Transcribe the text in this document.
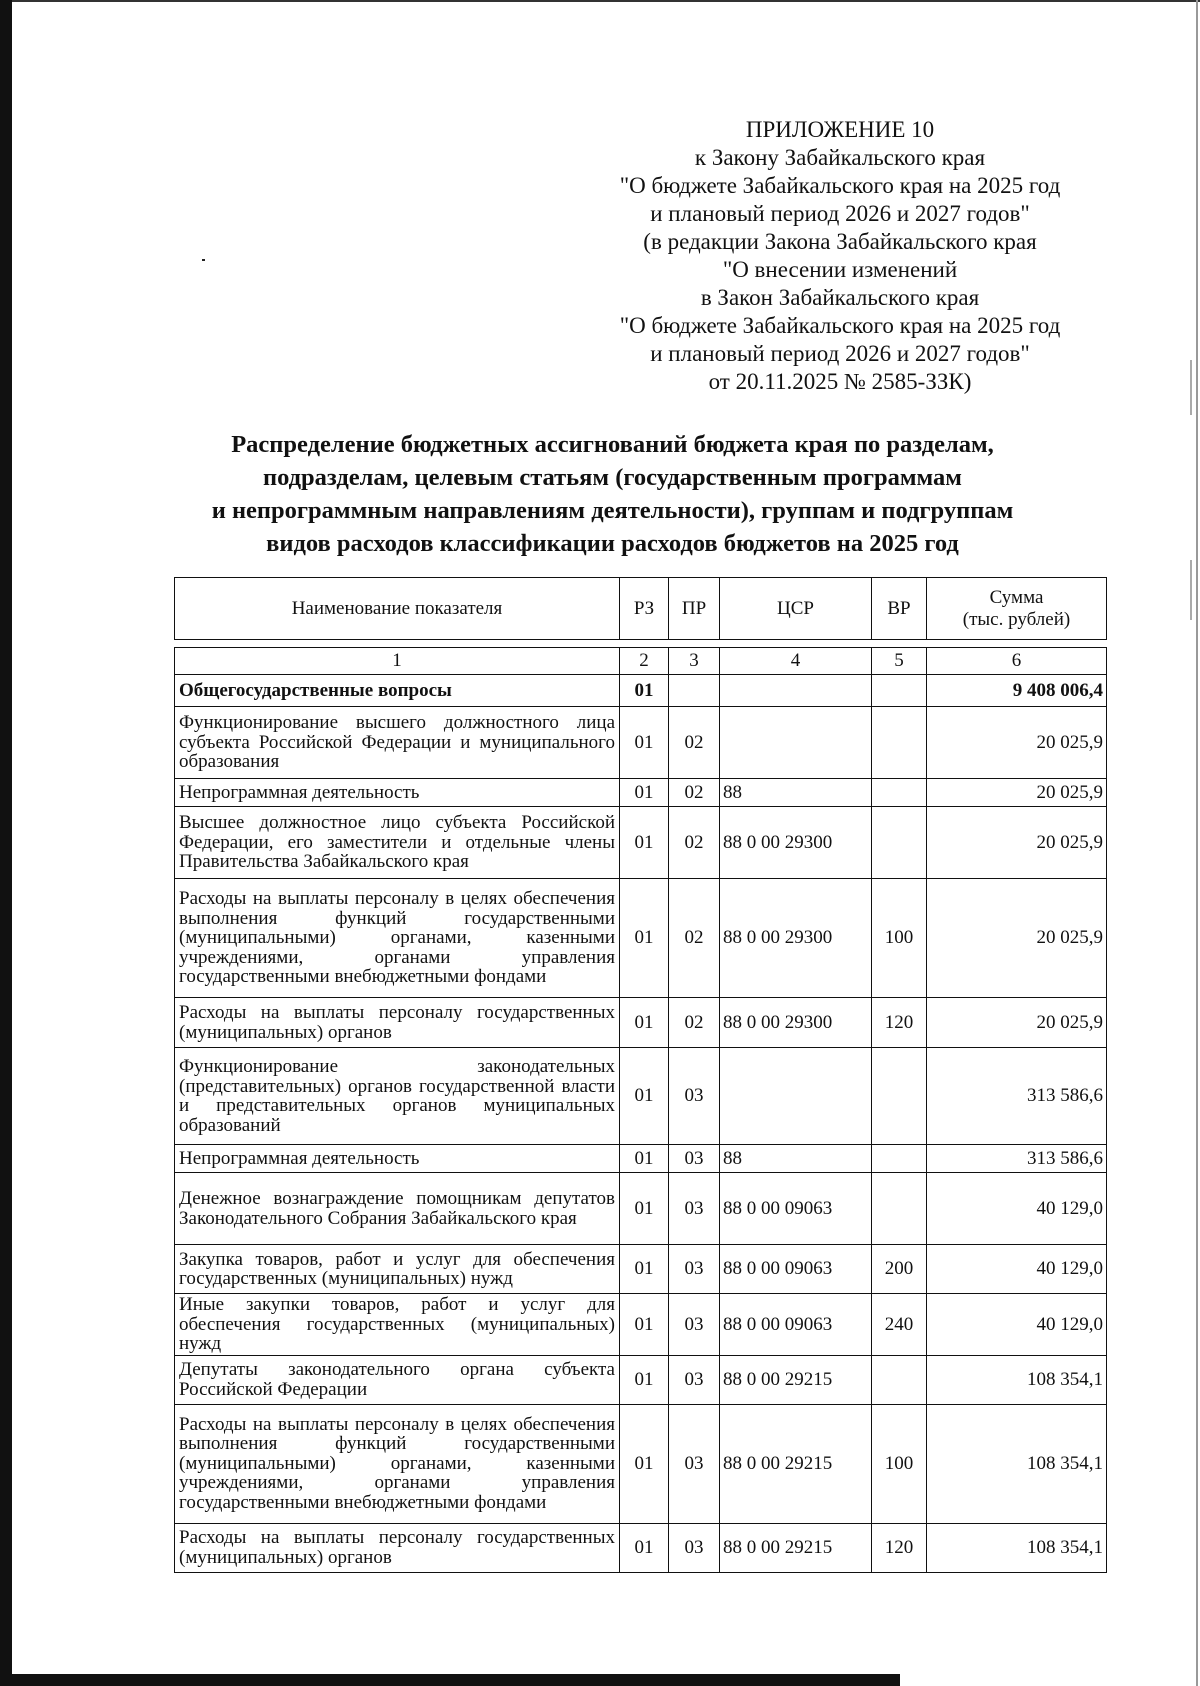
ПРИЛОЖЕНИЕ 10
к Закону Забайкальского края
"О бюджете Забайкальского края на 2025 год
и плановый период 2026 и 2027 годов"
(в редакции Закона Забайкальского края
"О внесении изменений
в Закон Забайкальского края
"О бюджете Забайкальского края на 2025 год
и плановый период 2026 и 2027 годов"
от 20.11.2025 № 2585-ЗЗК)
Распределение бюджетных ассигнований бюджета края по разделам,
подразделам, целевым статьям (государственным программам
и непрограммным направлениям деятельности), группам и подгруппам
видов расходов классификации расходов бюджетов на 2025 год
Наименование показателя	РЗ	ПР	ЦСР	ВР	Сумма
(тыс. рублей)
1	2	3	4	5	6
Общегосударственные вопросы	01				9 408 006,4
Функционирование высшего должностного лица субъекта Российской Федерации и муниципального образования	01	02			20 025,9
Непрограммная деятельность	01	02	88		20 025,9
Высшее должностное лицо субъекта Российской Федерации, его заместители и отдельные члены Правительства Забайкальского края	01	02	88 0 00 29300		20 025,9
Расходы на выплаты персоналу в целях обеспечения выполнения функций государственными (муниципальными) органами, казенными учреждениями, органами управления государственными внебюджетными фондами	01	02	88 0 00 29300	100	20 025,9
Расходы на выплаты персоналу государственных (муниципальных) органов	01	02	88 0 00 29300	120	20 025,9
Функционирование законодательных (представительных) органов государственной власти и представительных органов муниципальных образований	01	03			313 586,6
Непрограммная деятельность	01	03	88		313 586,6
Денежное вознаграждение помощникам депутатов Законодательного Собрания Забайкальского края	01	03	88 0 00 09063		40 129,0
Закупка товаров, работ и услуг для обеспечения государственных (муниципальных) нужд	01	03	88 0 00 09063	200	40 129,0
Иные закупки товаров, работ и услуг для обеспечения государственных (муниципальных) нужд	01	03	88 0 00 09063	240	40 129,0
Депутаты законодательного органа субъекта Российской Федерации	01	03	88 0 00 29215		108 354,1
Расходы на выплаты персоналу в целях обеспечения выполнения функций государственными (муниципальными) органами, казенными учреждениями, органами управления государственными внебюджетными фондами	01	03	88 0 00 29215	100	108 354,1
Расходы на выплаты персоналу государственных (муниципальных) органов	01	03	88 0 00 29215	120	108 354,1
